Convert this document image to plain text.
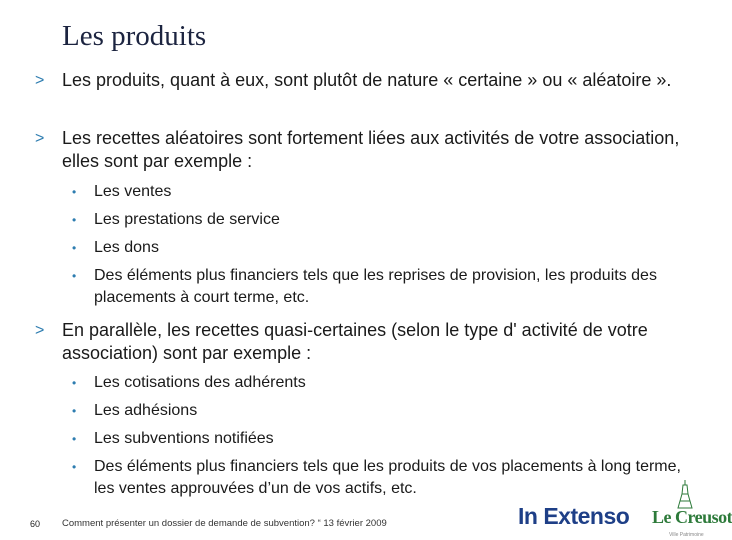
Les produits
> Les produits, quant à eux, sont plutôt de nature « certaine » ou « aléatoire ».
> Les recettes aléatoires sont fortement liées aux activités de votre association, elles sont par exemple :
• Les ventes
• Les prestations de service
• Les dons
• Des éléments plus financiers tels que les reprises de provision, les produits des placements à court terme, etc.
> En parallèle, les recettes quasi-certaines (selon le type d' activité de votre association) sont par exemple :
• Les cotisations des adhérents
• Les adhésions
• Les subventions notifiées
• Des éléments plus financiers tels que les produits de vos placements à long terme, les ventes approuvées d’un de vos actifs, etc.
60 Comment présenter un dossier de demande de subvention? “ 13 février 2009	In Extenso Le Creusot
Ville Patrimoine
